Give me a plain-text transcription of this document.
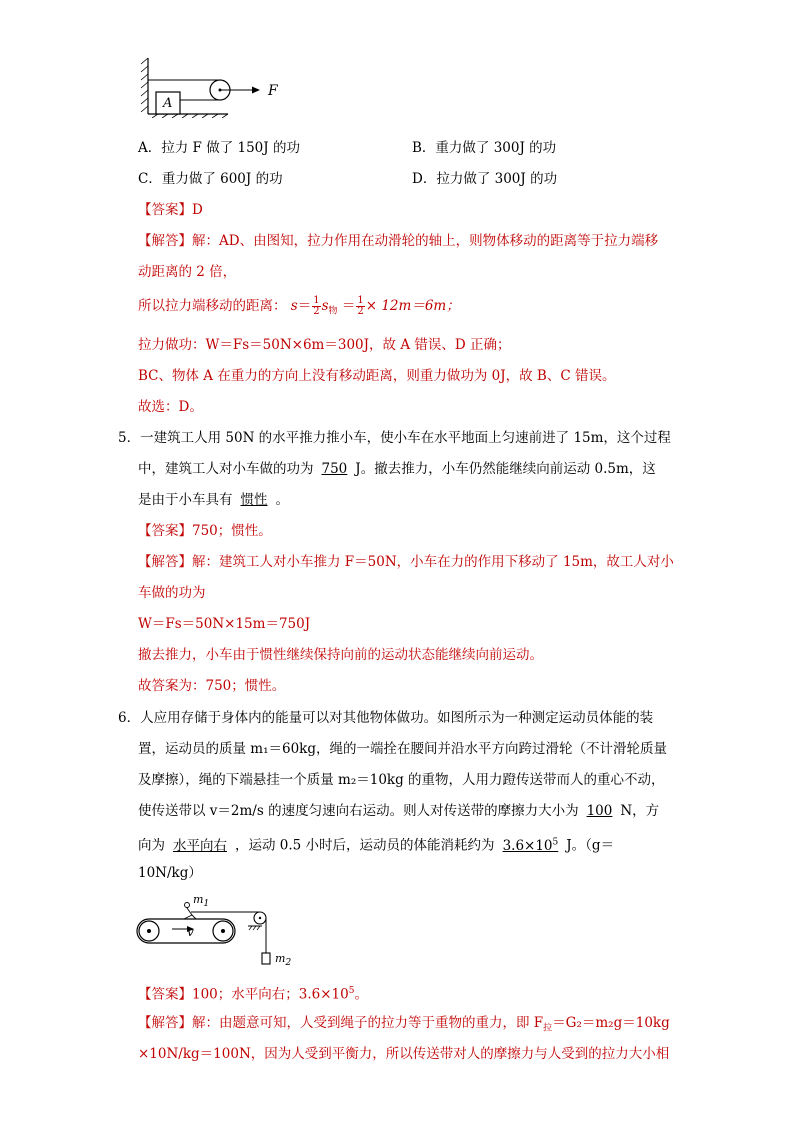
A
F
A．拉力 F 做了 150J 的功	B．重力做了 300J 的功
C．重力做了 600J 的功	D．拉力做了 300J 的功
【答案】D
【解答】解：AD、由图知，拉力作用在动滑轮的轴上，则物体移动的距离等于拉力端移
动距离的 2 倍，
所以拉力端移动的距离： $s= \frac{1}{2} s_物 = \frac{1}{2} \times 12m=6m$；
拉力做功：W＝Fs＝50N×6m＝300J，故 A 错误、D 正确；
BC、物体 A 在重力的方向上没有移动距离，则重力做功为 0J，故 B、C 错误。
故选：D。
5．一建筑工人用 50N 的水平推力推小车，使小车在水平地面上匀速前进了 15m，这个过程
中，建筑工人对小车做的功为 750 J。撤去推力，小车仍然能继续向前运动 0.5m，这
是由于小车具有 惯性 。
【答案】750；惯性。
【解答】解：建筑工人对小车推力 F＝50N，小车在力的作用下移动了 15m，故工人对小
车做的功为
W＝Fs＝50N×15m＝750J
撤去推力，小车由于惯性继续保持向前的运动状态能继续向前运动。
故答案为：750；惯性。
6．人应用存储于身体内的能量可以对其他物体做功。如图所示为一种测定运动员体能的装
置，运动员的质量 m₁＝60kg，绳的一端拴在腰间并沿水平方向跨过滑轮（不计滑轮质量
及摩擦），绳的下端悬挂一个质量 m₂＝10kg 的重物，人用力蹬传送带而人的重心不动，
使传送带以 v＝2m/s 的速度匀速向右运动。则人对传送带的摩擦力大小为 100 N，方
向为 水平向右 ，运动 0.5 小时后，运动员的体能消耗约为 $3.6\times 10^5$ J。（g＝
10N/kg）
$m_1$
v
$m_2$
【答案】100；水平向右；$3.6\times 10^5$。
【解答】解：由题意可知，人受到绳子的拉力等于重物的重力，即 $F_拉=G_2=m_2g=10kg$
×10N/kg＝100N，因为人受到平衡力，所以传送带对人的摩擦力与人受到的拉力大小相
